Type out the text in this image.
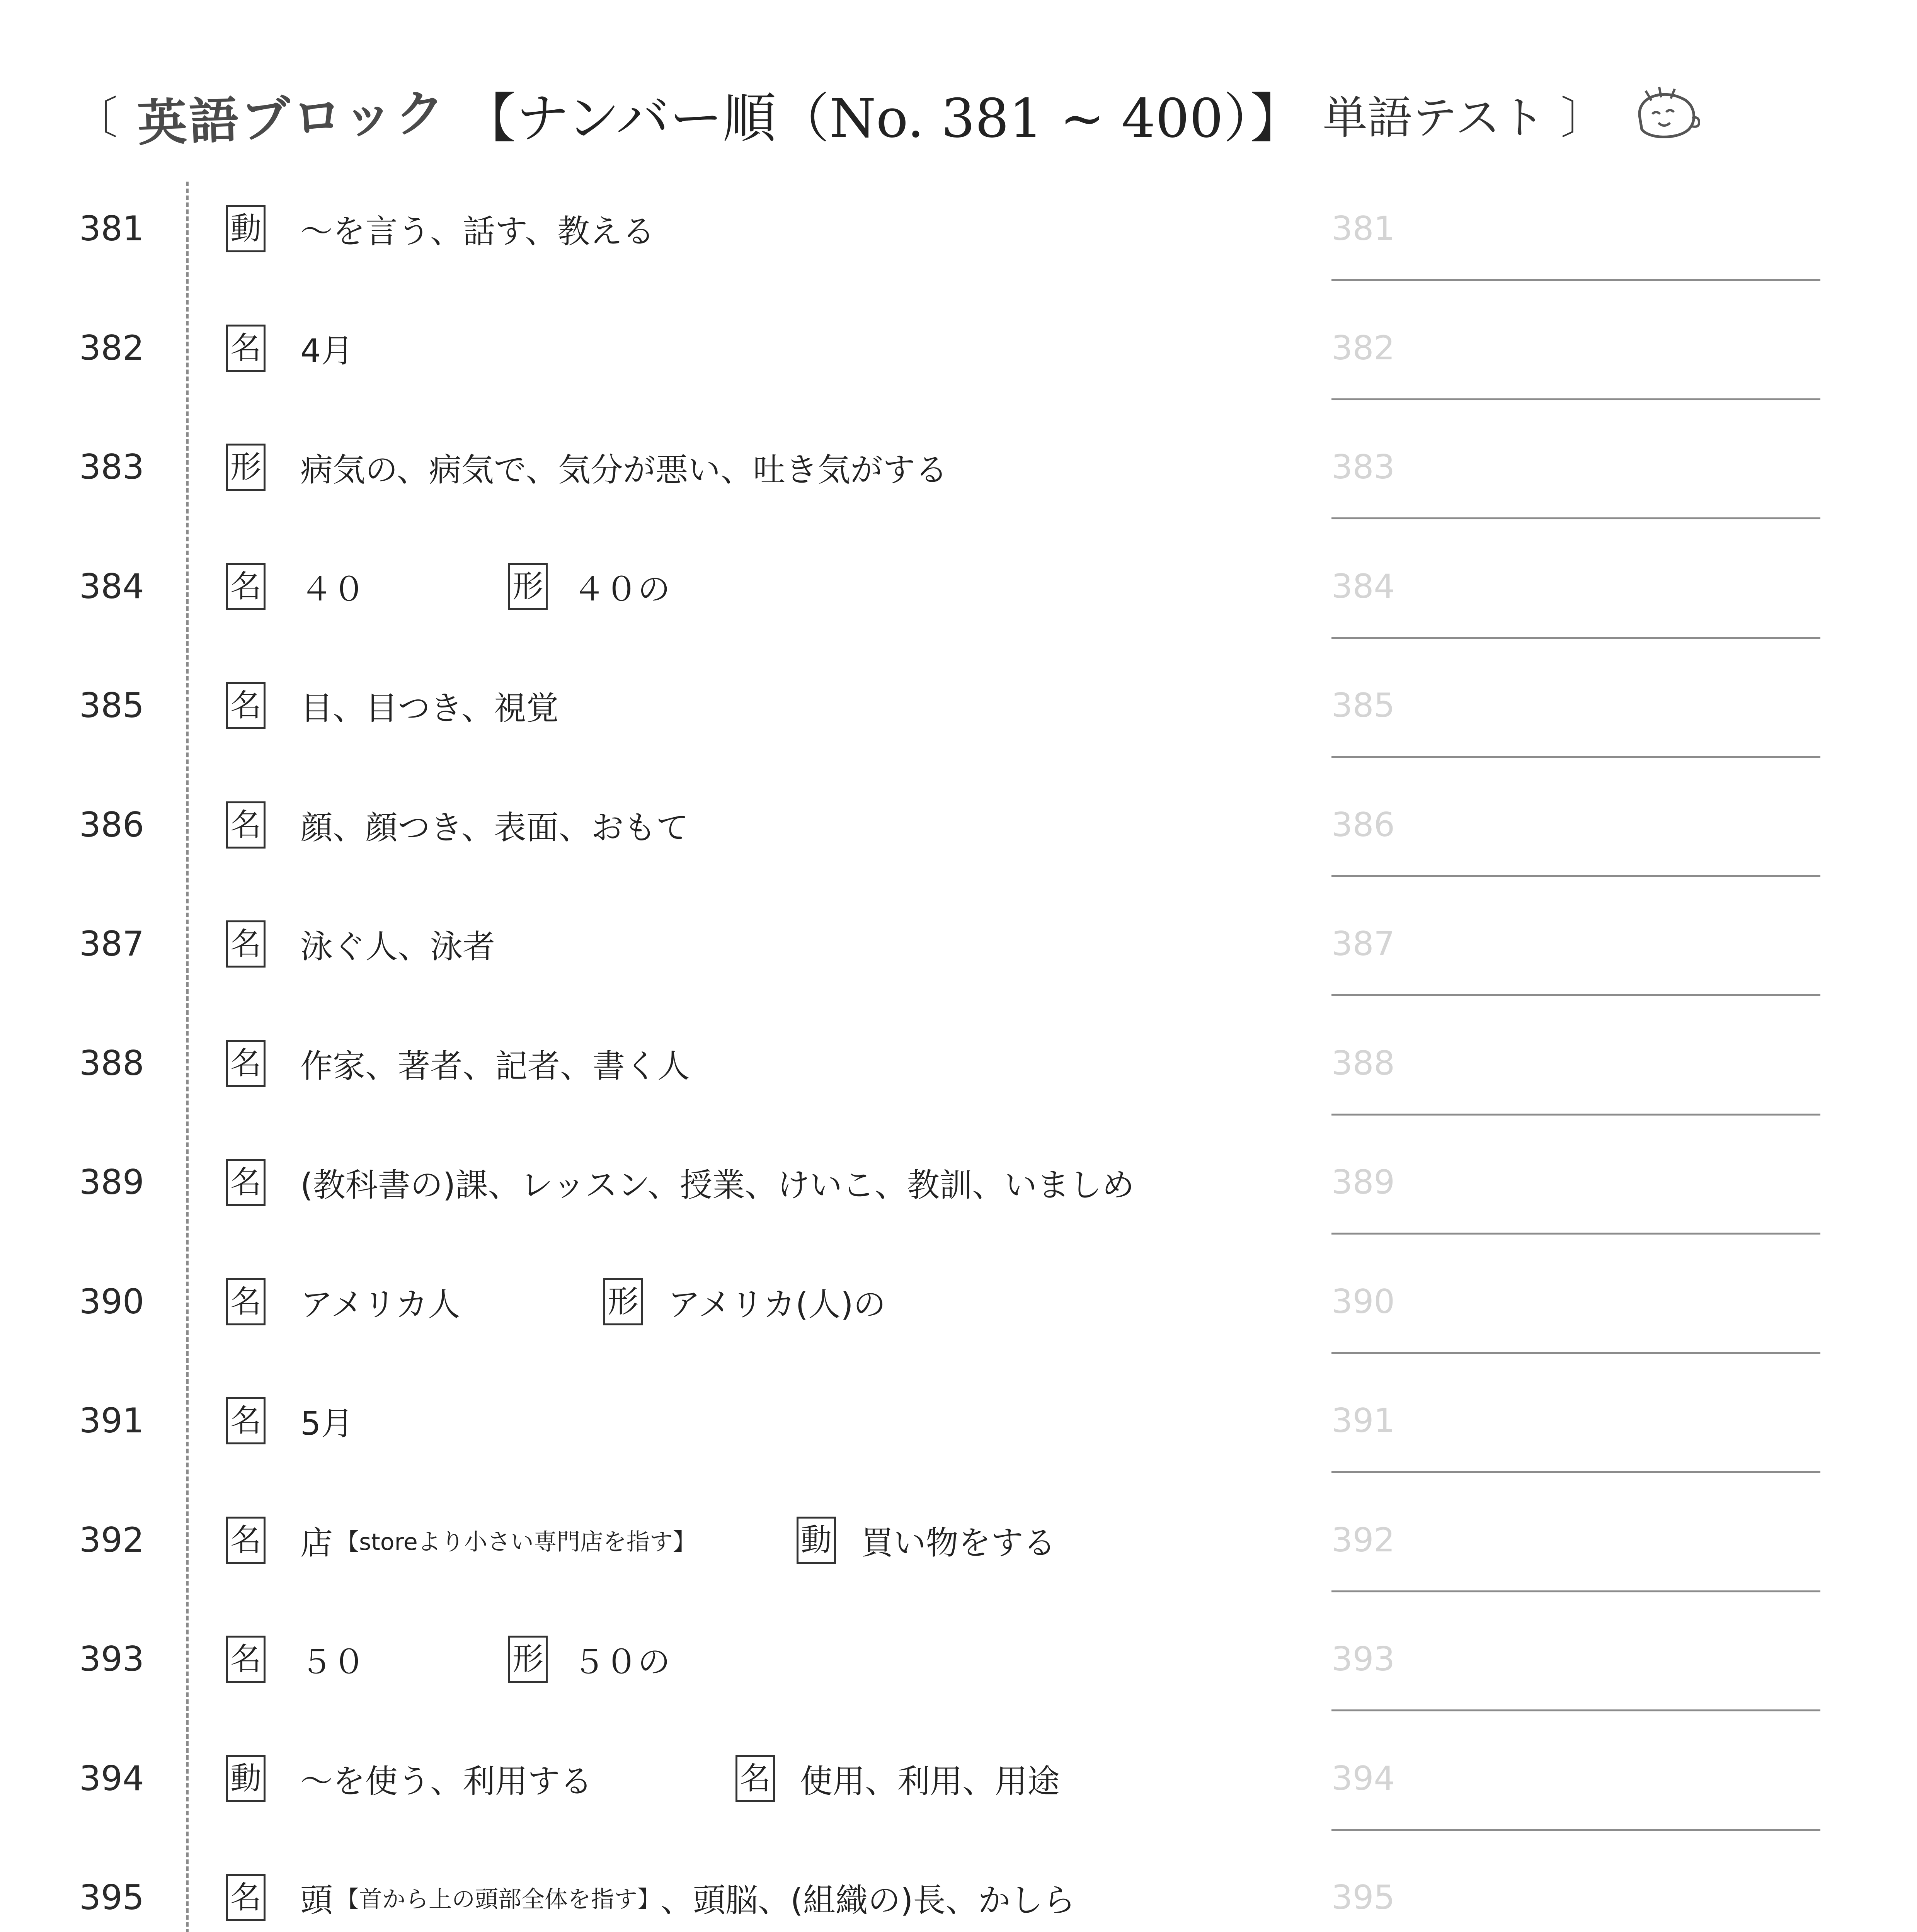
〔 英語ブロック 【ナンバー順（No. 381 ~ 400）】 単語テスト 〕
381	動 ～を言う、話す、教える	381
382	名 4月	382
383	形 病気の、病気で、気分が悪い、吐き気がする	383
384	名 ４０	形 ４０の	384
385	名 目、目つき、視覚	385
386	名 顔、顔つき、表面、おもて	386
387	名 泳ぐ人、泳者	387
388	名 作家、著者、記者、書く人	388
389	名 (教科書の)課、レッスン、授業、けいこ、教訓、いましめ	389
390	名 アメリカ人	形 アメリカ(人)の	390
391	名 5月	391
392	名 店 【storeより小さい専門店を指す】	動 買い物をする	392
393	名 ５０	形 ５０の	393
394	動 ～を使う、利用する	名 使用、利用、用途	394
395	名 頭 【首から上の頭部全体を指す】 、頭脳、(組織の)長、かしら	395
